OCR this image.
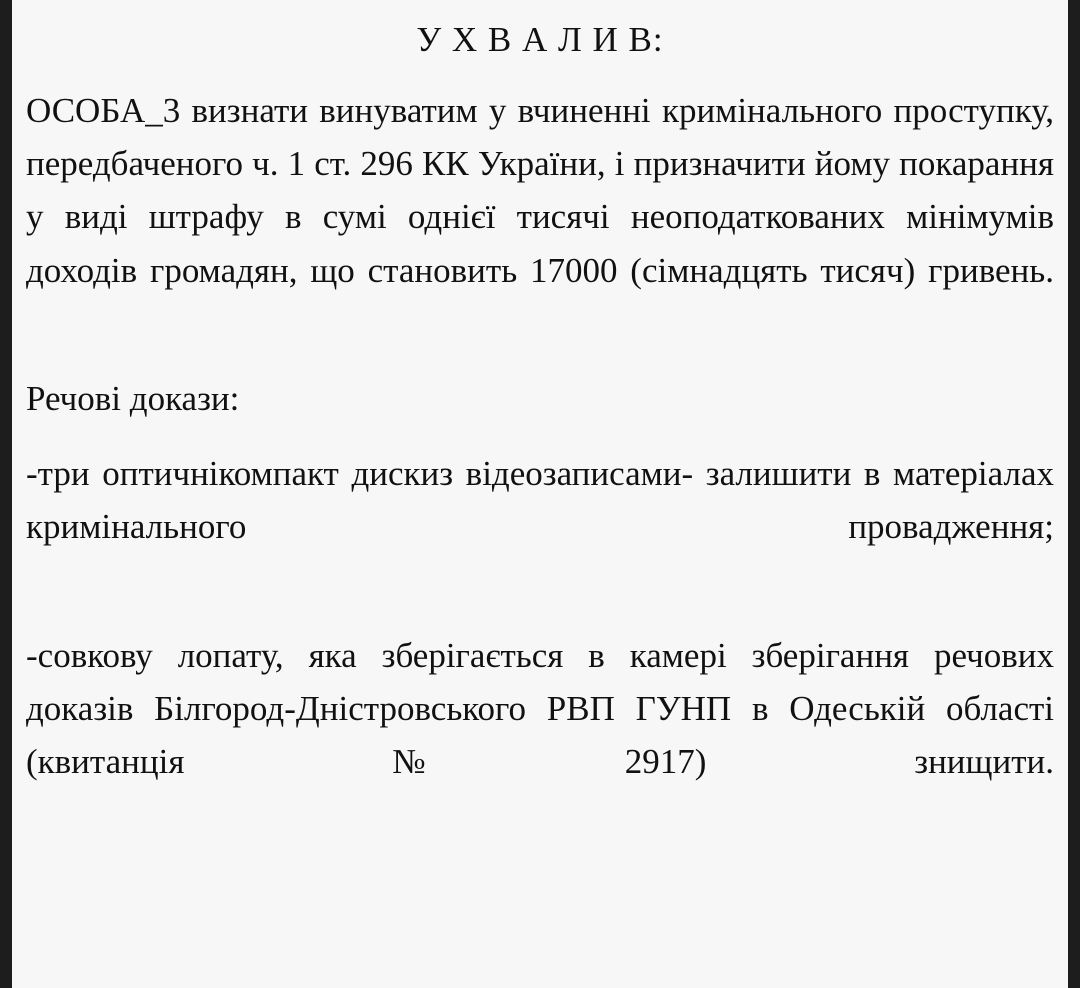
У Х В А Л И В:

ОСОБА_3 визнати винуватим у вчиненні кримінального проступку, передбаченого ч. 1 ст. 296 КК України, і призначити йому покарання у виді штрафу в сумі однієї тисячі неоподаткованих мінімумів доходів громадян, що становить 17000 (сімнадцять тисяч) гривень.

Речові докази:

-три оптичнікомпакт дискиз відеозаписами- залишити в матеріалах кримінального провадження;

-совкову лопату, яка зберігається в камері зберігання речових доказів Білгород-Дністровського РВП ГУНП в Одеській області (квитанція №2917) знищити.
